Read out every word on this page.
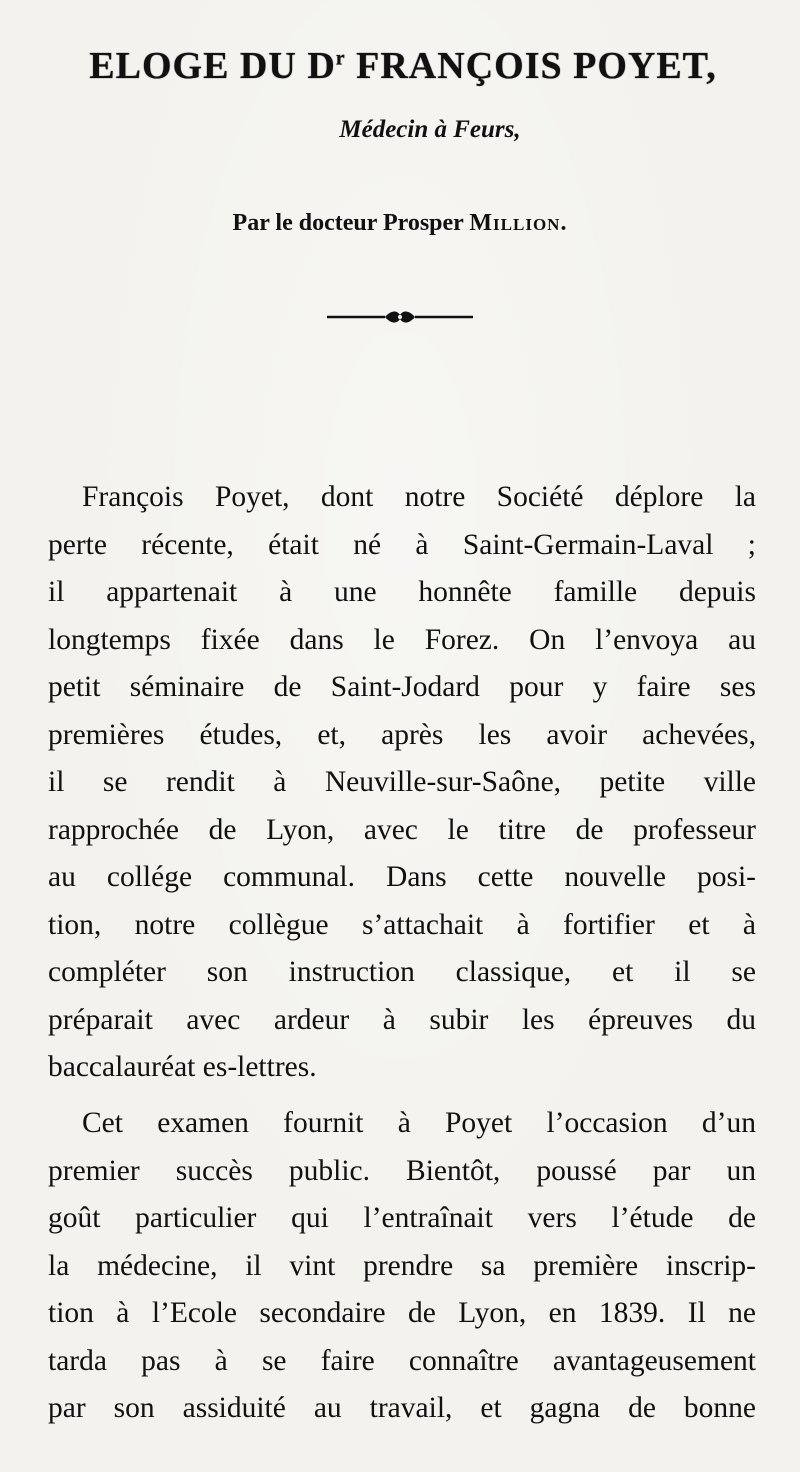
ELOGE DU $D^r$ FRANÇOIS POYET,
Médecin à Feurs,
Par le docteur Prosper Million.
François Poyet, dont notre Société déplore la
perte récente, était né à Saint-Germain-Laval ;
il appartenait à une honnête famille depuis
longtemps fixée dans le Forez. On l’envoya au
petit séminaire de Saint-Jodard pour y faire ses
premières études, et, après les avoir achevées,
il se rendit à Neuville-sur-Saône, petite ville
rapprochée de Lyon, avec le titre de professeur
au collége communal. Dans cette nouvelle posi-
tion, notre collègue s’attachait à fortifier et à
compléter son instruction classique, et il se
préparait avec ardeur à subir les épreuves du
baccalauréat es-lettres.
Cet examen fournit à Poyet l’occasion d’un
premier succès public. Bientôt, poussé par un
goût particulier qui l’entraînait vers l’étude de
la médecine, il vint prendre sa première inscrip-
tion à l’Ecole secondaire de Lyon, en 1839. Il ne
tarda pas à se faire connaître avantageusement
par son assiduité au travail, et gagna de bonne
